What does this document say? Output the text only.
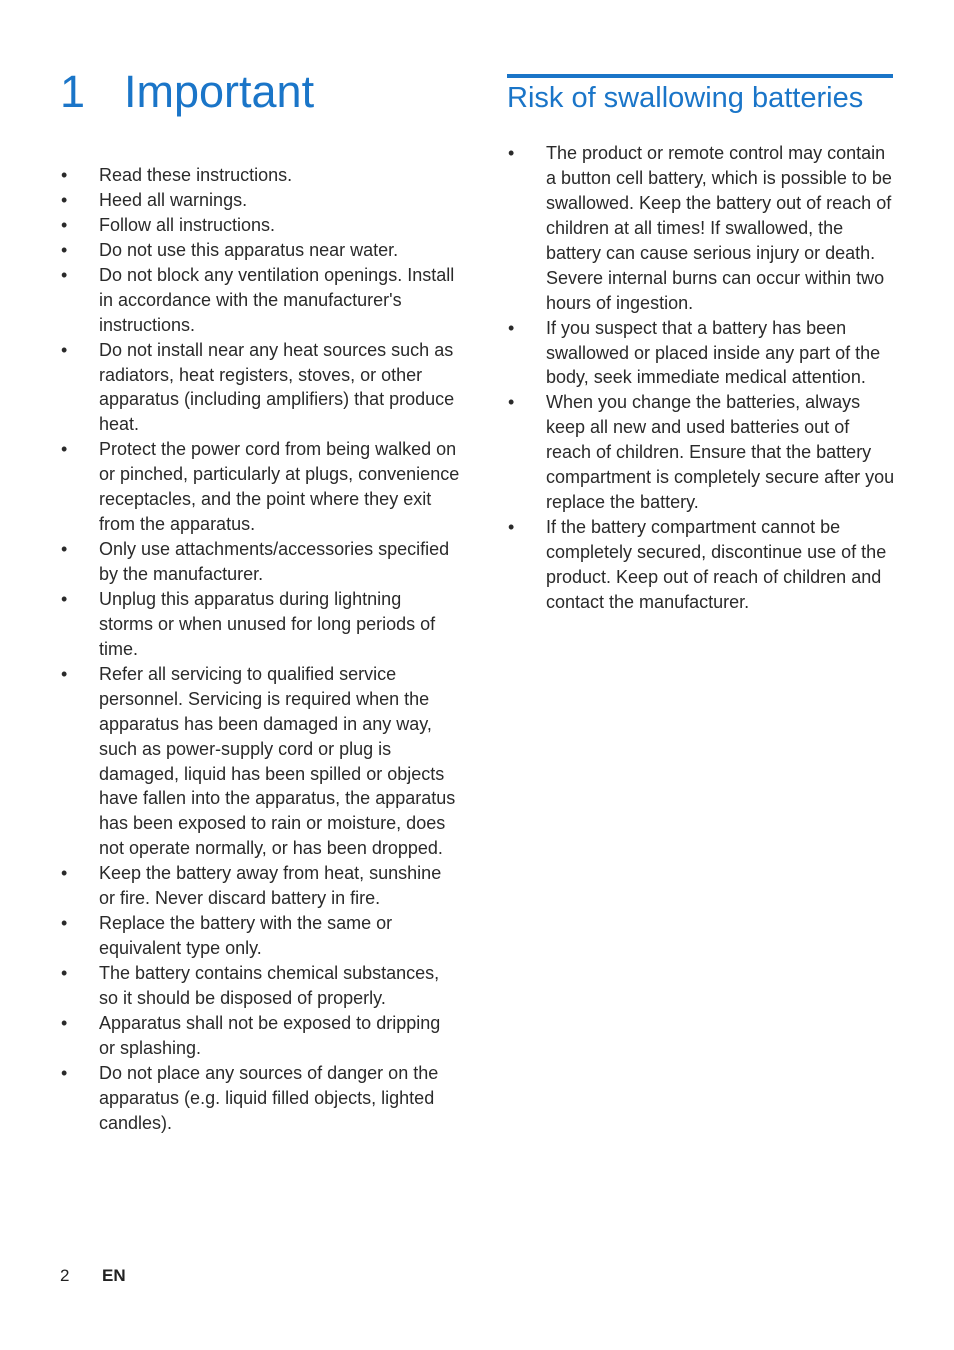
1 Important
• Read these instructions.
• Heed all warnings.
• Follow all instructions.
• Do not use this apparatus near water.
• Do not block any ventilation openings. Install in accordance with the manufacturer's instructions.
• Do not install near any heat sources such as radiators, heat registers, stoves, or other apparatus (including amplifiers) that produce heat.
• Protect the power cord from being walked on or pinched, particularly at plugs, convenience receptacles, and the point where they exit from the apparatus.
• Only use attachments/accessories specified by the manufacturer.
• Unplug this apparatus during lightning storms or when unused for long periods of time.
• Refer all servicing to qualified service personnel. Servicing is required when the apparatus has been damaged in any way, such as power-supply cord or plug is damaged, liquid has been spilled or objects have fallen into the apparatus, the apparatus has been exposed to rain or moisture, does not operate normally, or has been dropped.
• Keep the battery away from heat, sunshine or fire. Never discard battery in fire.
• Replace the battery with the same or equivalent type only.
• The battery contains chemical substances, so it should be disposed of properly.
• Apparatus shall not be exposed to dripping or splashing.
• Do not place any sources of danger on the apparatus (e.g. liquid filled objects, lighted candles).
Risk of swallowing batteries
• The product or remote control may contain a button cell battery, which is possible to be swallowed. Keep the battery out of reach of children at all times! If swallowed, the battery can cause serious injury or death. Severe internal burns can occur within two hours of ingestion.
• If you suspect that a battery has been swallowed or placed inside any part of the body, seek immediate medical attention.
• When you change the batteries, always keep all new and used batteries out of reach of children. Ensure that the battery compartment is completely secure after you replace the battery.
• If the battery compartment cannot be completely secured, discontinue use of the product. Keep out of reach of children and contact the manufacturer.
2 EN
